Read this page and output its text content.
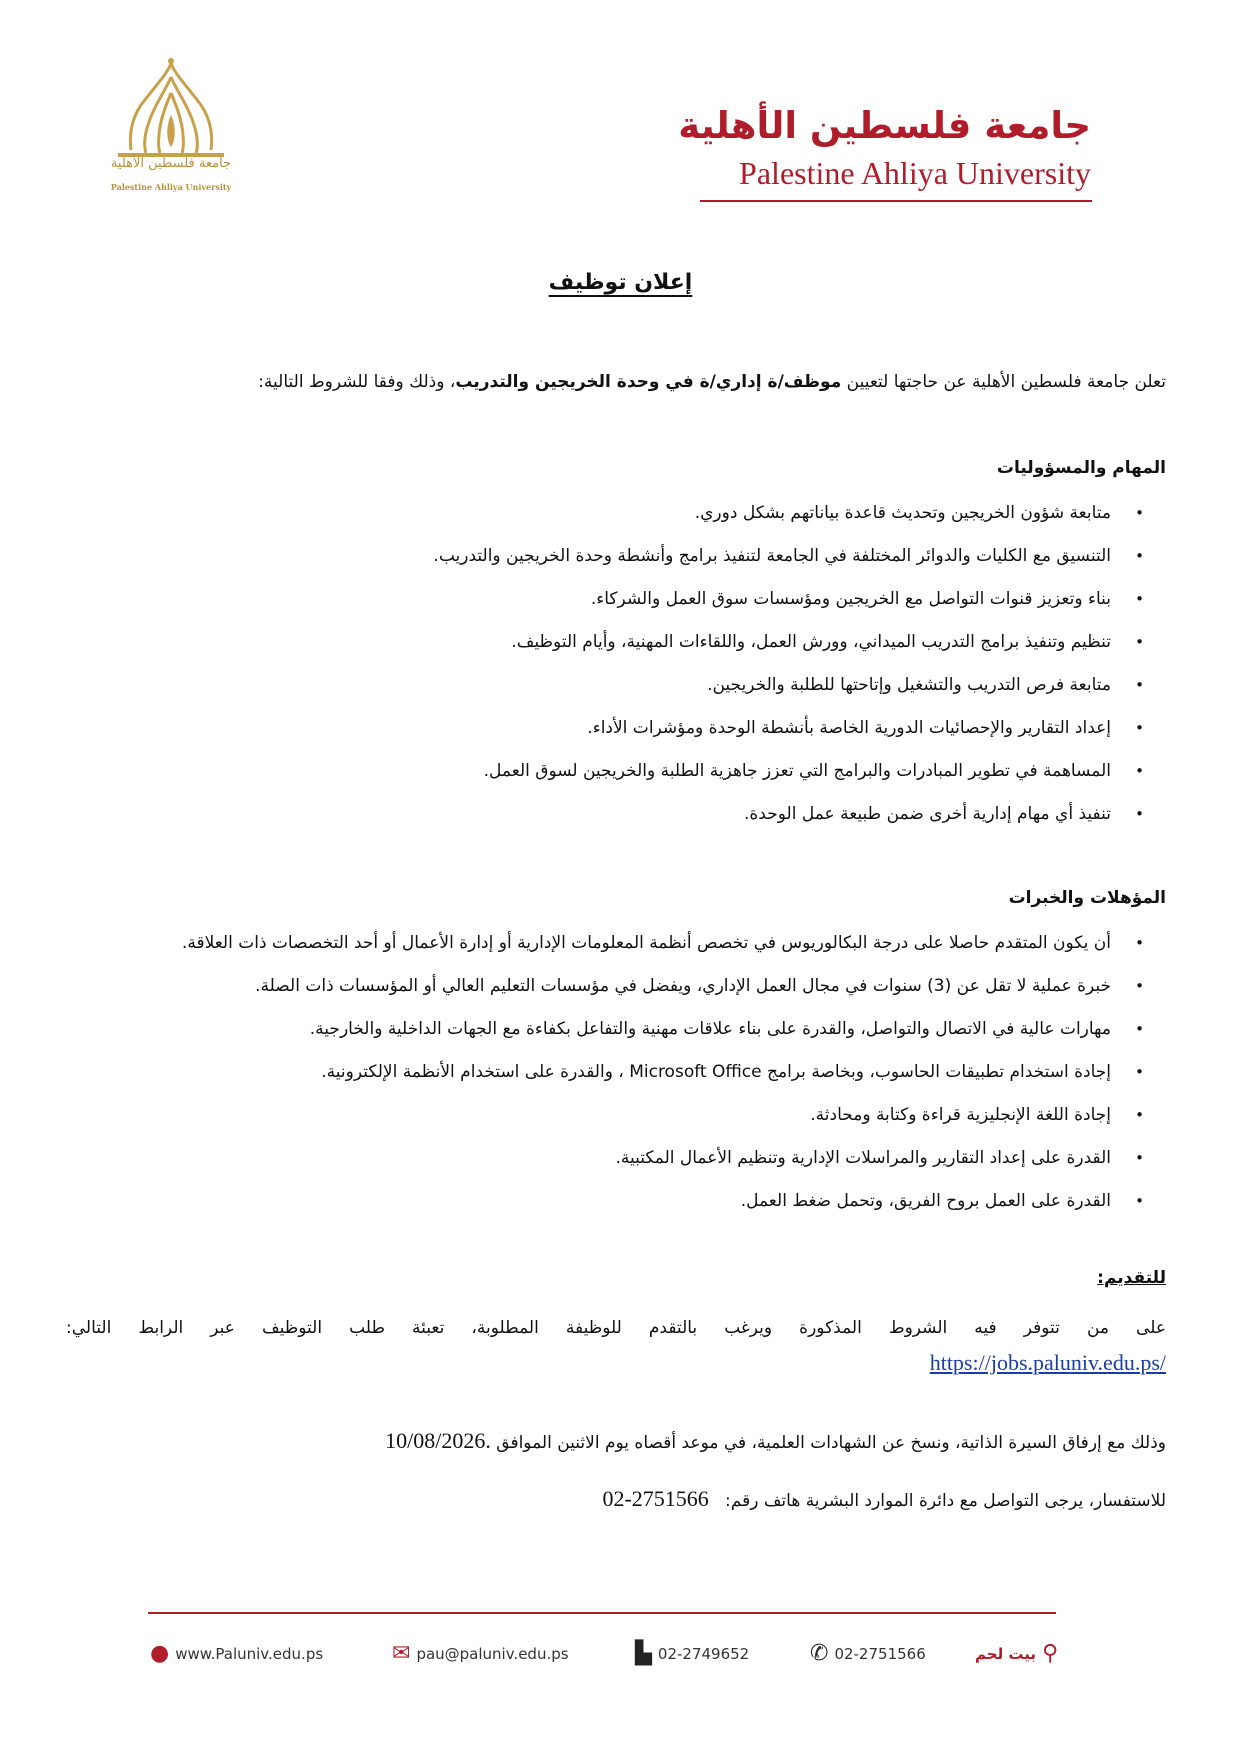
جامعة فلسطين الأهلية
Palestine Ahliya University
جامعة فلسطين الأهلية
Palestine Ahliya University
إعلان توظيف
تعلن جامعة فلسطين الأهلية عن حاجتها لتعيين موظف/ة إداري/ة في وحدة الخريجين والتدريب، وذلك وفقا للشروط التالية:
المهام والمسؤوليات
• متابعة شؤون الخريجين وتحديث قاعدة بياناتهم بشكل دوري.
• التنسيق مع الكليات والدوائر المختلفة في الجامعة لتنفيذ برامج وأنشطة وحدة الخريجين والتدريب.
• بناء وتعزيز قنوات التواصل مع الخريجين ومؤسسات سوق العمل والشركاء.
• تنظيم وتنفيذ برامج التدريب الميداني، وورش العمل، واللقاءات المهنية، وأيام التوظيف.
• متابعة فرص التدريب والتشغيل وإتاحتها للطلبة والخريجين.
• إعداد التقارير والإحصائيات الدورية الخاصة بأنشطة الوحدة ومؤشرات الأداء.
• المساهمة في تطوير المبادرات والبرامج التي تعزز جاهزية الطلبة والخريجين لسوق العمل.
• تنفيذ أي مهام إدارية أخرى ضمن طبيعة عمل الوحدة.
المؤهلات والخبرات
• أن يكون المتقدم حاصلا على درجة البكالوريوس في تخصص أنظمة المعلومات الإدارية أو إدارة الأعمال أو أحد التخصصات ذات العلاقة.
• خبرة عملية لا تقل عن (3) سنوات في مجال العمل الإداري، ويفضل في مؤسسات التعليم العالي أو المؤسسات ذات الصلة.
• مهارات عالية في الاتصال والتواصل، والقدرة على بناء علاقات مهنية والتفاعل بكفاءة مع الجهات الداخلية والخارجية.
• إجادة استخدام تطبيقات الحاسوب، وبخاصة برامج Microsoft Office ، والقدرة على استخدام الأنظمة الإلكترونية.
• إجادة اللغة الإنجليزية قراءة وكتابة ومحادثة.
• القدرة على إعداد التقارير والمراسلات الإدارية وتنظيم الأعمال المكتبية.
• القدرة على العمل بروح الفريق، وتحمل ضغط العمل.
للتقديم:
على من تتوفر فيه الشروط المذكورة ويرغب بالتقدم للوظيفة المطلوبة، تعبئة طلب التوظيف عبر الرابط التالي:
https://jobs.paluniv.edu.ps/
وذلك مع إرفاق السيرة الذاتية، ونسخ عن الشهادات العلمية، في موعد أقصاه يوم الاثنين الموافق 10/08/2026.
للاستفسار، يرجى التواصل مع دائرة الموارد البشرية هاتف رقم:   02-2751566
● www.Paluniv.edu.ps	✉ pau@paluniv.edu.ps	▙ 02-2749652	✆ 02-2751566	⚲
بيت لحم
